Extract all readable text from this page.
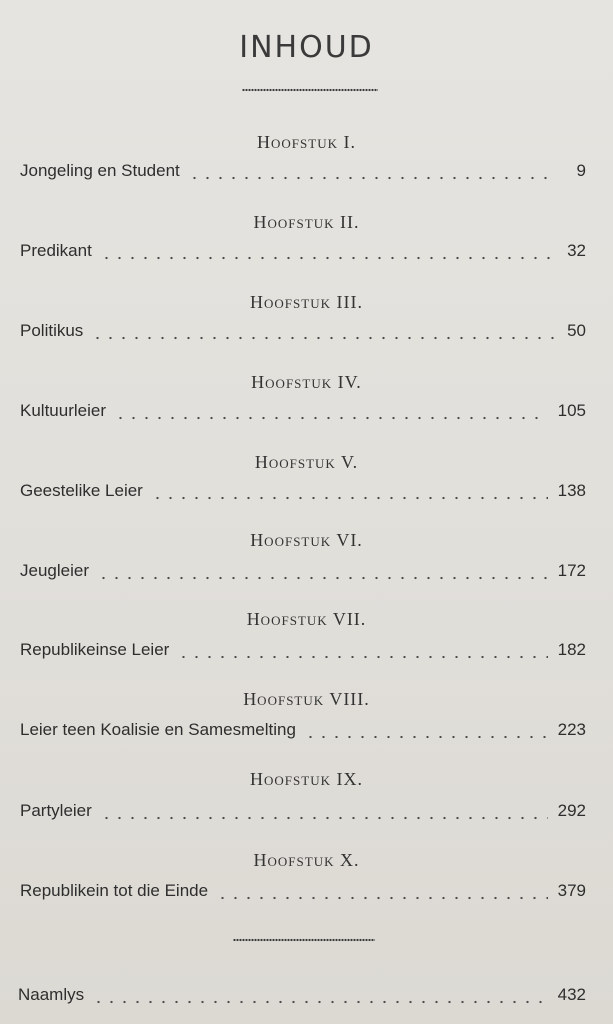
INHOUD
Hoofstuk I.
Jongeling en Student	9
Hoofstuk II.
Predikant	32
Hoofstuk III.
Politikus	50
Hoofstuk IV.
Kultuurleier	105
Hoofstuk V.
Geestelike Leier	138
Hoofstuk VI.
Jeugleier	172
Hoofstuk VII.
Republikeinse Leier	182
Hoofstuk VIII.
Leier teen Koalisie en Samesmelting	223
Hoofstuk IX.
Partyleier	292
Hoofstuk X.
Republikein tot die Einde	379
Naamlys	432
